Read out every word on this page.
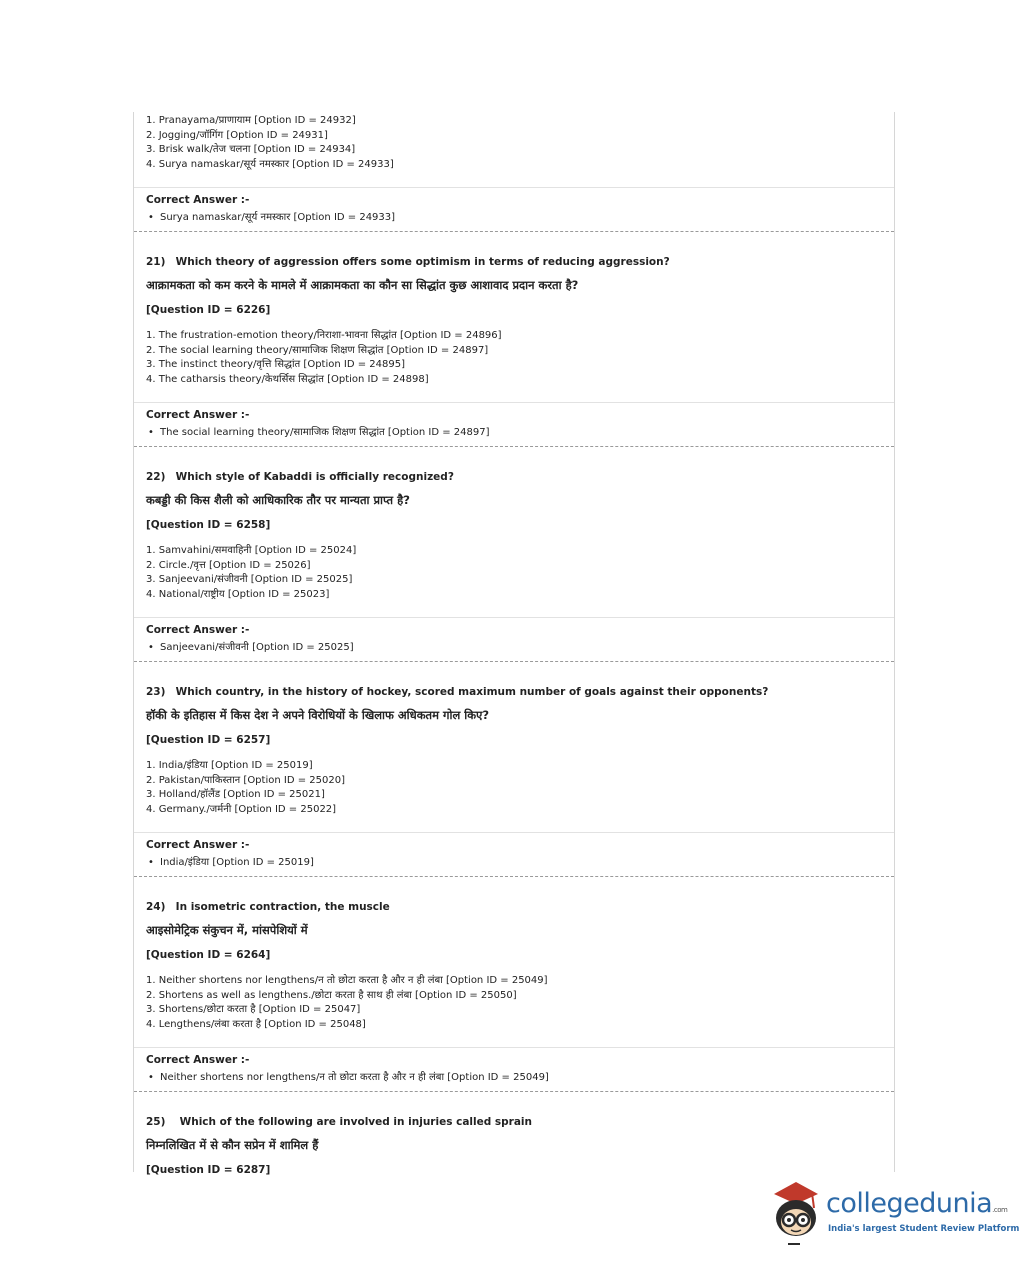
1. Pranayama/प्राणायाम [Option ID = 24932]
2. Jogging/जॉगिंग [Option ID = 24931]
3. Brisk walk/तेज चलना [Option ID = 24934]
4. Surya namaskar/सूर्य नमस्कार [Option ID = 24933]
Correct Answer :-
• Surya namaskar/सूर्य नमस्कार [Option ID = 24933]
21) Which theory of aggression offers some optimism in terms of reducing aggression?
आक्रामकता को कम करने के मामले में आक्रामकता का कौन सा सिद्धांत कुछ आशावाद प्रदान करता है?
[Question ID = 6226]
1. The frustration-emotion theory/निराशा-भावना सिद्धांत [Option ID = 24896]
2. The social learning theory/सामाजिक शिक्षण सिद्धांत [Option ID = 24897]
3. The instinct theory/वृत्ति सिद्धांत [Option ID = 24895]
4. The catharsis theory/केथर्सिस सिद्धांत [Option ID = 24898]
Correct Answer :-
• The social learning theory/सामाजिक शिक्षण सिद्धांत [Option ID = 24897]
22) Which style of Kabaddi is officially recognized?
कबड्डी की किस शैली को आधिकारिक तौर पर मान्यता प्राप्त है?
[Question ID = 6258]
1. Samvahini/समवाहिनी [Option ID = 25024]
2. Circle./वृत्त [Option ID = 25026]
3. Sanjeevani/संजीवनी [Option ID = 25025]
4. National/राष्ट्रीय [Option ID = 25023]
Correct Answer :-
• Sanjeevani/संजीवनी [Option ID = 25025]
23) Which country, in the history of hockey, scored maximum number of goals against their opponents?
हॉकी के इतिहास में किस देश ने अपने विरोधियों के खिलाफ अधिकतम गोल किए?
[Question ID = 6257]
1. India/इंडिया [Option ID = 25019]
2. Pakistan/पाकिस्तान [Option ID = 25020]
3. Holland/हॉलैंड [Option ID = 25021]
4. Germany./जर्मनी [Option ID = 25022]
Correct Answer :-
• India/इंडिया [Option ID = 25019]
24) In isometric contraction, the muscle
आइसोमेट्रिक संकुचन में, मांसपेशियों में
[Question ID = 6264]
1. Neither shortens nor lengthens/न तो छोटा करता है और न ही लंबा [Option ID = 25049]
2. Shortens as well as lengthens./छोटा करता है साथ ही लंबा [Option ID = 25050]
3. Shortens/छोटा करता है [Option ID = 25047]
4. Lengthens/लंबा करता है [Option ID = 25048]
Correct Answer :-
• Neither shortens nor lengthens/न तो छोटा करता है और न ही लंबा [Option ID = 25049]
25) Which of the following are involved in injuries called sprain
निम्नलिखित में से कौन सप्रेन में शामिल हैं
[Question ID = 6287]
collegedunia.com
India's largest Student Review Platform
